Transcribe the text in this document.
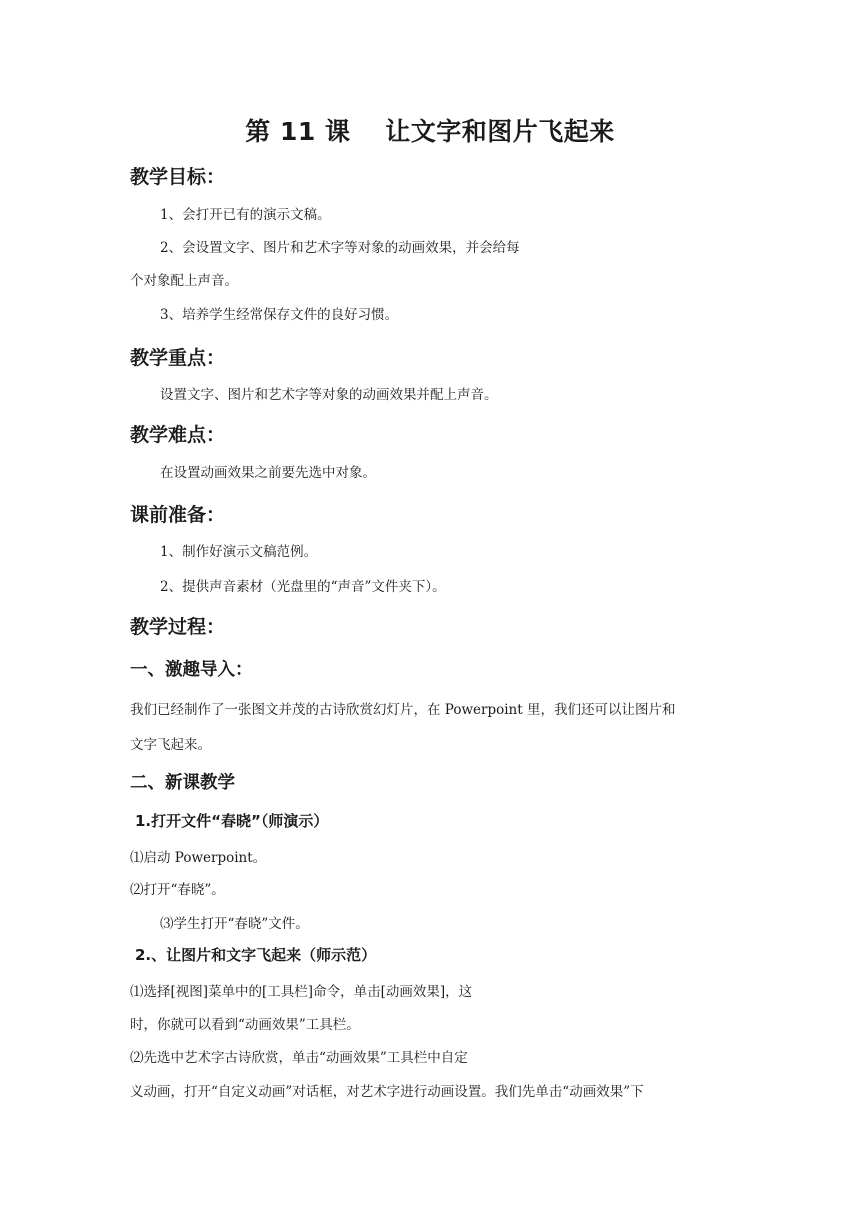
第 11 课　 让文字和图片飞起来
教学目标：
1、会打开已有的演示文稿。
2、会设置文字、图片和艺术字等对象的动画效果，并会给每
个对象配上声音。
3、培养学生经常保存文件的良好习惯。
教学重点：
设置文字、图片和艺术字等对象的动画效果并配上声音。
教学难点：
在设置动画效果之前要先选中对象。
课前准备：
1、制作好演示文稿范例。
2、提供声音素材（光盘里的“声音”文件夹下）。
教学过程：
一、激趣导入：
我们已经制作了一张图文并茂的古诗欣赏幻灯片，在 Powerpoint 里，我们还可以让图片和
文字飞起来。
二、新课教学
1.打开文件“春晓”（师演示）
⑴启动 Powerpoint。
⑵打开“春晓”。
⑶学生打开“春晓”文件。
2.、让图片和文字飞起来（师示范）
⑴选择[视图]菜单中的[工具栏]命令，单击[动画效果]，这
时，你就可以看到“动画效果”工具栏。
⑵先选中艺术字古诗欣赏，单击“动画效果”工具栏中自定
义动画，打开“自定义动画”对话框，对艺术字进行动画设置。我们先单击“动画效果”下
